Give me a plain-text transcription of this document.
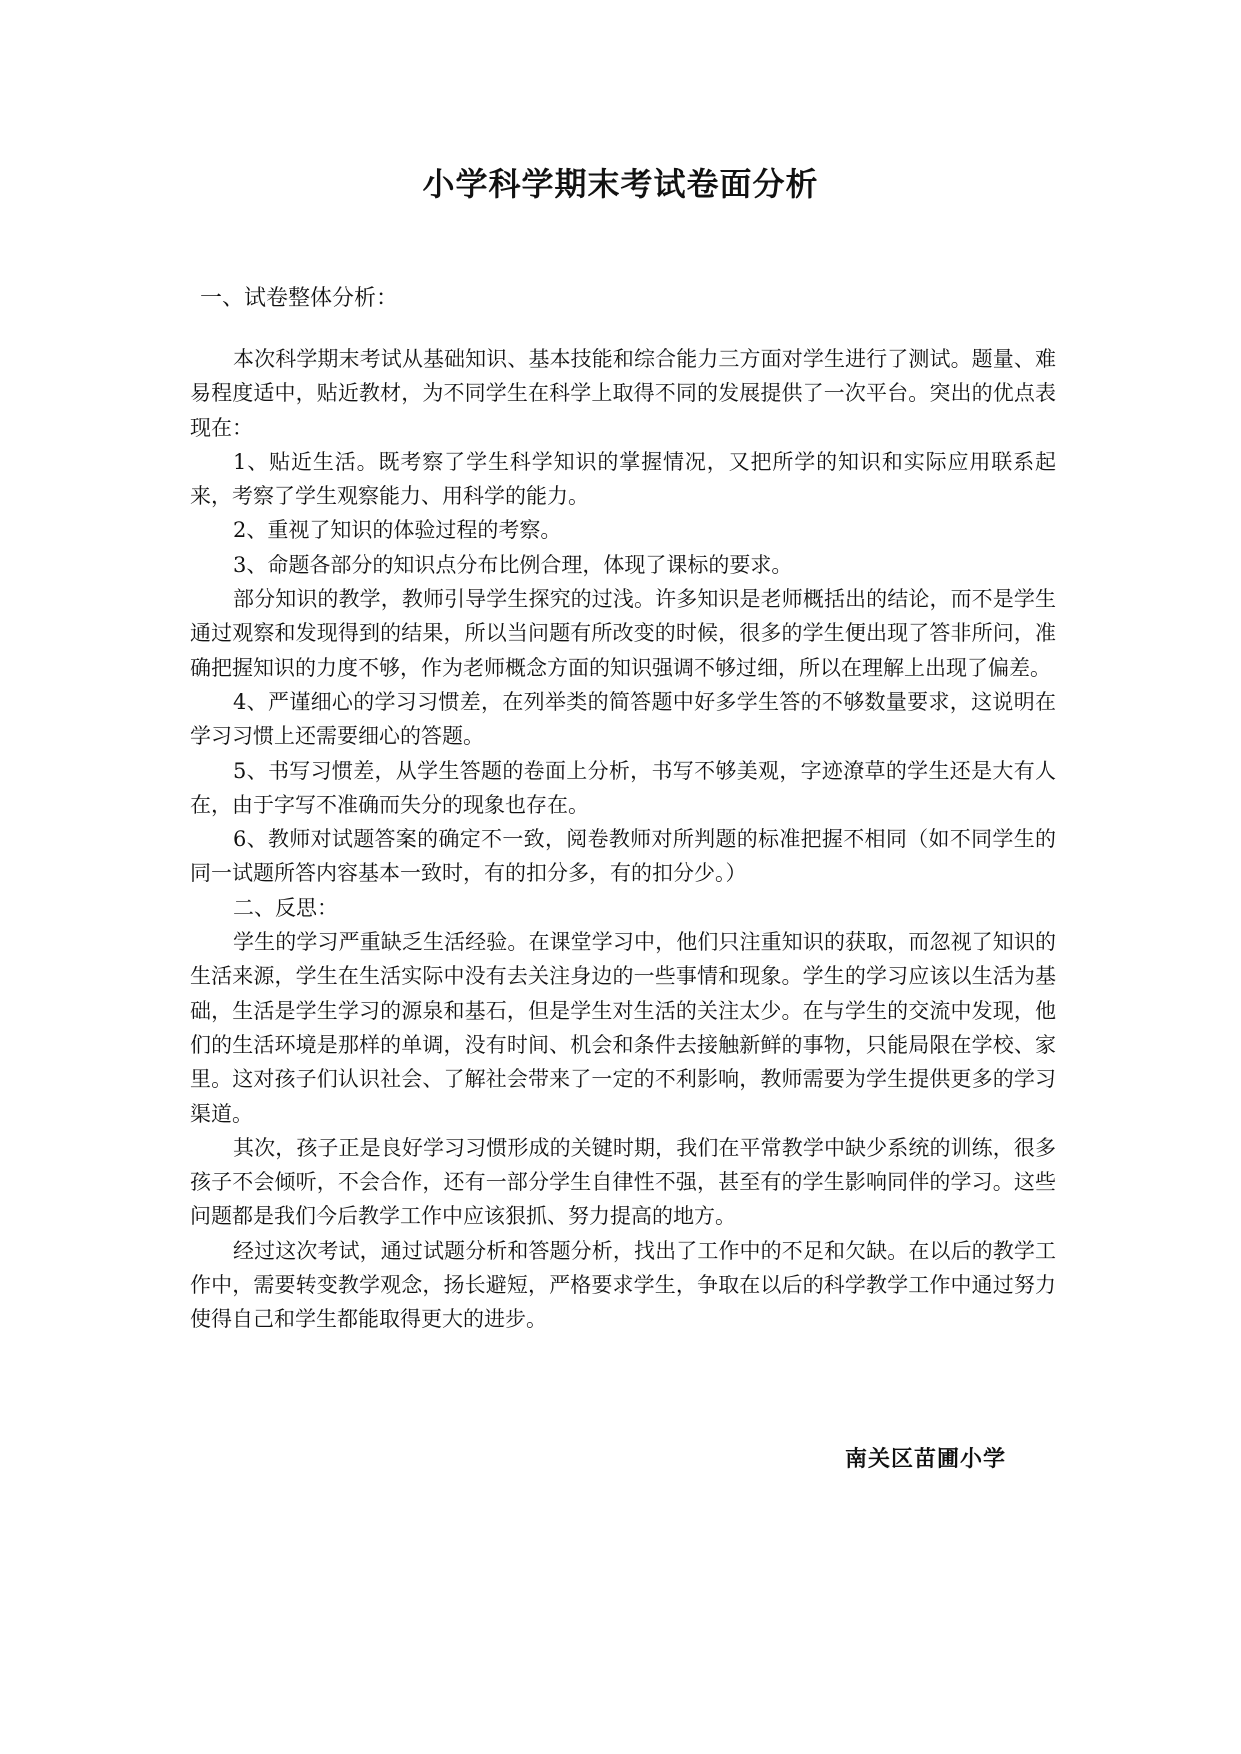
小学科学期末考试卷面分析

一、试卷整体分析：

本次科学期末考试从基础知识、基本技能和综合能力三方面对学生进行了测试。题量、难易程度适中，贴近教材，为不同学生在科学上取得不同的发展提供了一次平台。突出的优点表现在：

1、贴近生活。既考察了学生科学知识的掌握情况，又把所学的知识和实际应用联系起来，考察了学生观察能力、用科学的能力。

2、重视了知识的体验过程的考察。

3、命题各部分的知识点分布比例合理，体现了课标的要求。

部分知识的教学，教师引导学生探究的过浅。许多知识是老师概括出的结论，而不是学生通过观察和发现得到的结果，所以当问题有所改变的时候，很多的学生便出现了答非所问，准确把握知识的力度不够，作为老师概念方面的知识强调不够过细，所以在理解上出现了偏差。

4、严谨细心的学习习惯差，在列举类的简答题中好多学生答的不够数量要求，这说明在学习习惯上还需要细心的答题。

5、书写习惯差，从学生答题的卷面上分析，书写不够美观，字迹潦草的学生还是大有人在，由于字写不准确而失分的现象也存在。

6、教师对试题答案的确定不一致，阅卷教师对所判题的标准把握不相同（如不同学生的同一试题所答内容基本一致时，有的扣分多，有的扣分少。）

二、反思：

学生的学习严重缺乏生活经验。在课堂学习中，他们只注重知识的获取，而忽视了知识的生活来源，学生在生活实际中没有去关注身边的一些事情和现象。学生的学习应该以生活为基础，生活是学生学习的源泉和基石，但是学生对生活的关注太少。在与学生的交流中发现，他们的生活环境是那样的单调，没有时间、机会和条件去接触新鲜的事物，只能局限在学校、家里。这对孩子们认识社会、了解社会带来了一定的不利影响，教师需要为学生提供更多的学习渠道。

其次，孩子正是良好学习习惯形成的关键时期，我们在平常教学中缺少系统的训练，很多孩子不会倾听，不会合作，还有一部分学生自律性不强，甚至有的学生影响同伴的学习。这些问题都是我们今后教学工作中应该狠抓、努力提高的地方。

经过这次考试，通过试题分析和答题分析，找出了工作中的不足和欠缺。在以后的教学工作中，需要转变教学观念，扬长避短，严格要求学生，争取在以后的科学教学工作中通过努力使得自己和学生都能取得更大的进步。

南关区苗圃小学
